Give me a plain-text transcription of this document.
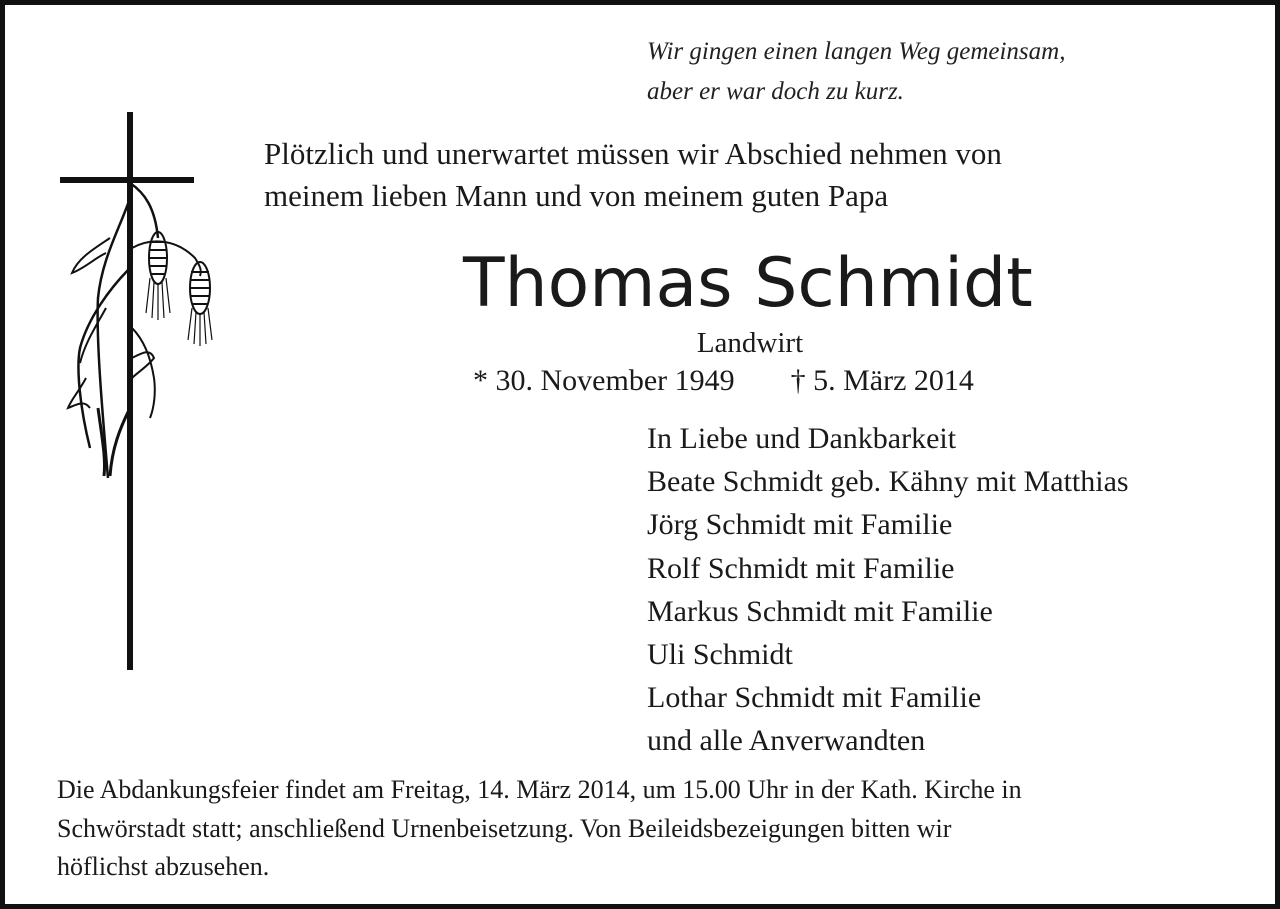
Wir gingen einen langen Weg gemeinsam,
aber er war doch zu kurz.
Plötzlich und unerwartet müssen wir Abschied nehmen von
meinem lieben Mann und von meinem guten Papa
Thomas Schmidt
Landwirt
* 30. November 1949 † 5. März 2014
In Liebe und Dankbarkeit
Beate Schmidt geb. Kähny mit Matthias
Jörg Schmidt mit Familie
Rolf Schmidt mit Familie
Markus Schmidt mit Familie
Uli Schmidt
Lothar Schmidt mit Familie
und alle Anverwandten
Die Abdankungsfeier findet am Freitag, 14. März 2014, um 15.00 Uhr in der Kath. Kirche in
Schwörstadt statt; anschließend Urnenbeisetzung. Von Beileidsbezeigungen bitten wir
höflichst abzusehen.
